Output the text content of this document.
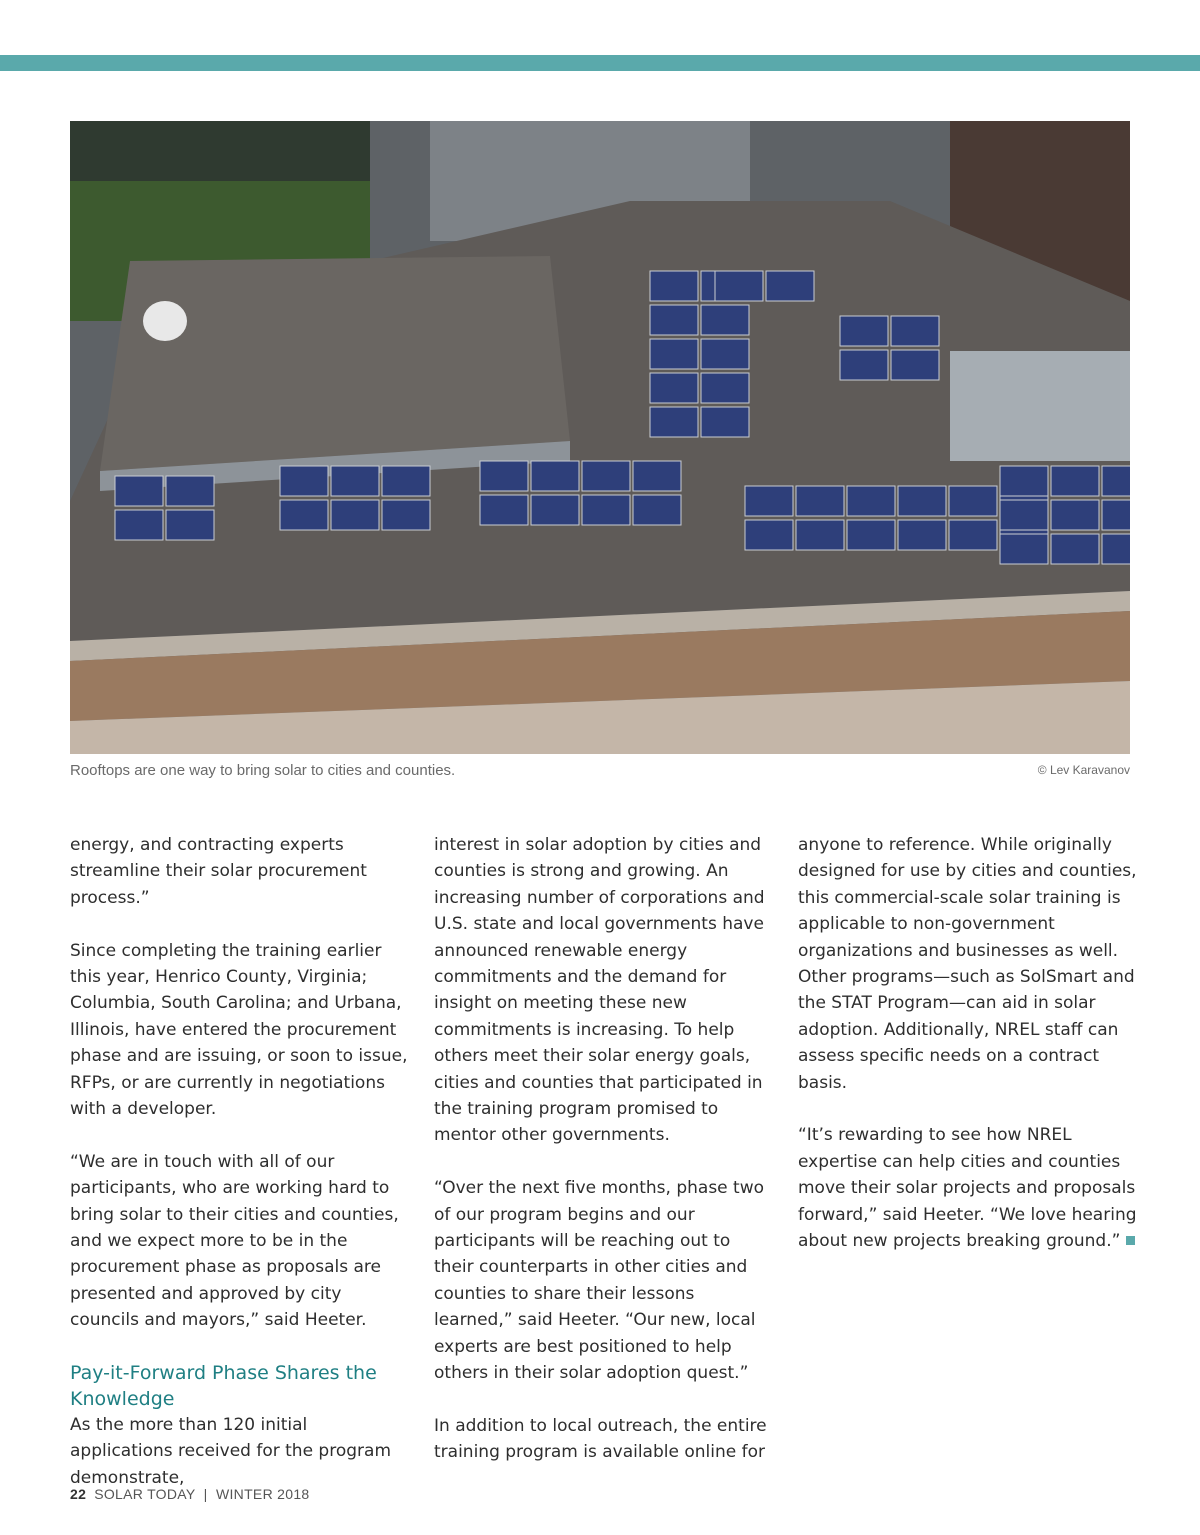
Rooftops are one way to bring solar to cities and counties.	© Lev Karavanov

energy, and contracting experts streamline their solar procurement process.”

Since completing the training earlier this year, Henrico County, Virginia; Columbia, South Carolina; and Urbana, Illinois, have entered the procurement phase and are issuing, or soon to issue, RFPs, or are currently in negotiations with a developer.

“We are in touch with all of our participants, who are working hard to bring solar to their cities and counties, and we expect more to be in the procurement phase as proposals are presented and approved by city councils and mayors,” said Heeter.

Pay-it-Forward Phase Shares the Knowledge

As the more than 120 initial applications received for the program demonstrate,

interest in solar adoption by cities and counties is strong and growing. An increasing number of corporations and U.S. state and local governments have announced renewable energy commitments and the demand for insight on meeting these new commitments is increasing. To help others meet their solar energy goals, cities and counties that participated in the training program promised to mentor other governments.

“Over the next five months, phase two of our program begins and our participants will be reaching out to their counterparts in other cities and counties to share their lessons learned,” said Heeter. “Our new, local experts are best positioned to help others in their solar adoption quest.”

In addition to local outreach, the entire training program is available online for

anyone to reference. While originally designed for use by cities and counties, this commercial-scale solar training is applicable to non-government organizations and businesses as well. Other programs—such as SolSmart and the STAT Program—can aid in solar adoption. Additionally, NREL staff can assess specific needs on a contract basis.

“It’s rewarding to see how NREL expertise can help cities and counties move their solar projects and proposals forward,” said Heeter. “We love hearing about new projects breaking ground.”

22 SOLAR TODAY  |  WINTER 2018
